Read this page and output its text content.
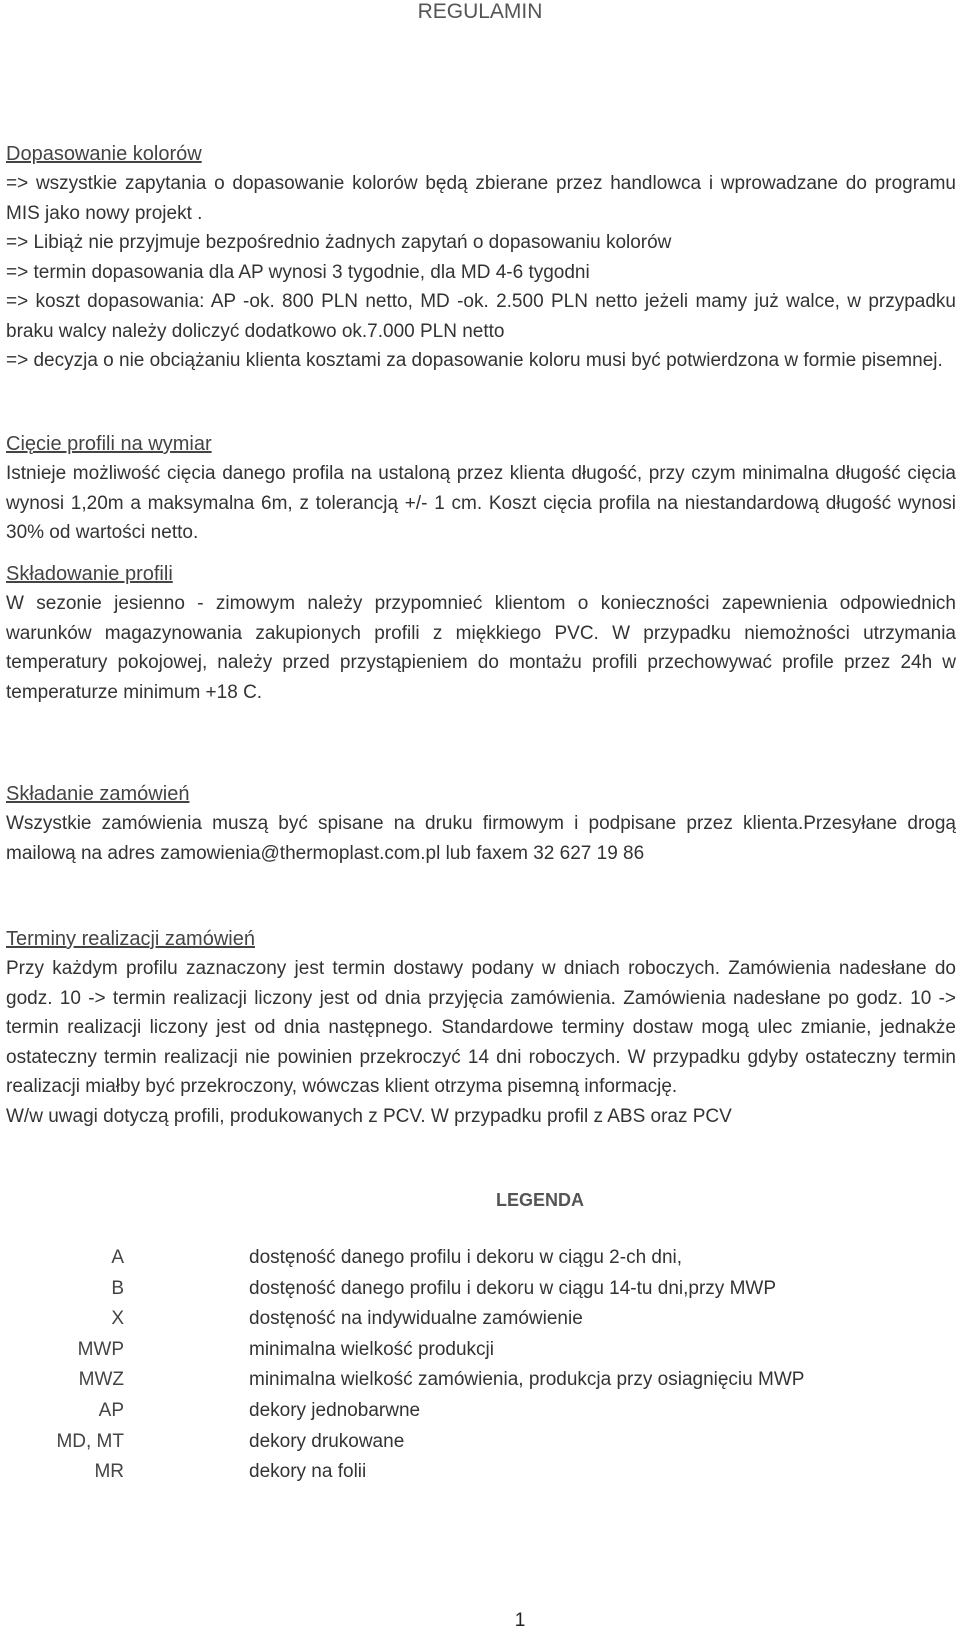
REGULAMIN
Dopasowanie kolorów

=> wszystkie zapytania o dopasowanie kolorów będą zbierane przez handlowca i wprowadzane do programu MIS jako nowy projekt .

=> Libiąż nie przyjmuje bezpośrednio żadnych zapytań o dopasowaniu kolorów

=> termin dopasowania dla AP wynosi 3 tygodnie, dla MD 4-6 tygodni

=> koszt dopasowania: AP -ok. 800 PLN netto, MD -ok. 2.500 PLN netto jeżeli mamy już walce, w przypadku braku walcy należy doliczyć dodatkowo ok.7.000 PLN netto

=> decyzja o nie obciążaniu klienta kosztami za dopasowanie koloru musi być potwierdzona w formie pisemnej.

Cięcie profili na wymiar

Istnieje możliwość cięcia danego profila na ustaloną przez klienta długość, przy czym minimalna długość cięcia wynosi 1,20m a maksymalna 6m, z tolerancją +/- 1 cm. Koszt cięcia profila na niestandardową długość wynosi 30% od wartości netto.

Składowanie profili

W sezonie jesienno - zimowym należy przypomnieć klientom o konieczności zapewnienia odpowiednich warunków magazynowania zakupionych profili z miękkiego PVC. W przypadku niemożności utrzymania temperatury pokojowej, należy przed przystąpieniem do montażu profili przechowywać profile przez 24h w temperaturze minimum +18 C.

Składanie zamówień

Wszystkie zamówienia muszą być spisane na druku firmowym i podpisane przez klienta.Przesyłane drogą mailową na adres zamowienia@thermoplast.com.pl lub faxem 32 627 19 86

Terminy realizacji zamówień

Przy każdym profilu zaznaczony jest termin dostawy podany w dniach roboczych. Zamówienia nadesłane do godz. 10 -> termin realizacji liczony jest od dnia przyjęcia zamówienia. Zamówienia nadesłane po godz. 10 -> termin realizacji liczony jest od dnia następnego. Standardowe terminy dostaw mogą ulec zmianie, jednakże ostateczny termin realizacji nie powinien przekroczyć 14 dni roboczych. W przypadku gdyby ostateczny termin realizacji miałby być przekroczony, wówczas klient otrzyma pisemną informację.

W/w uwagi dotyczą profili, produkowanych z PCV. W przypadku profil z ABS oraz PCV

LEGENDA
A	dostęność danego profilu i dekoru w ciągu 2-ch dni,
B	dostęność danego profilu i dekoru w ciągu 14-tu dni,przy MWP
X	dostęność na indywidualne zamówienie
MWP	minimalna wielkość produkcji
MWZ	minimalna wielkość zamówienia, produkcja przy osiagnięciu MWP
AP	dekory jednobarwne
MD, MT	dekory drukowane
MR	dekory na folii
1
